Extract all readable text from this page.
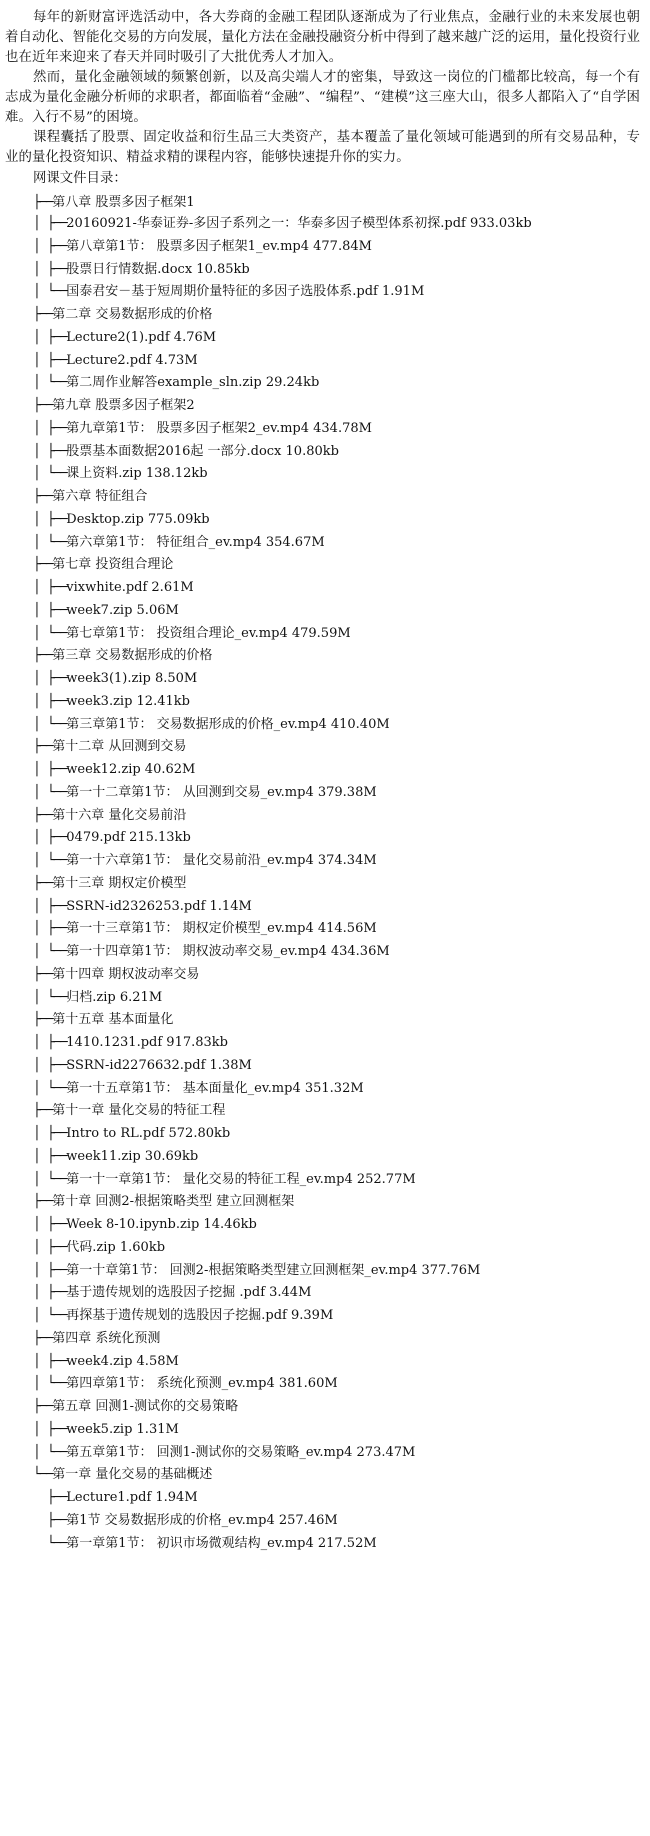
每年的新财富评选活动中，各大券商的金融工程团队逐渐成为了行业焦点，金融行业的未来发展也朝着自动化、智能化交易的方向发展，量化方法在金融投融资分析中得到了越来越广泛的运用，量化投资行业也在近年来迎来了春天并同时吸引了大批优秀人才加入。

然而，量化金融领域的频繁创新，以及高尖端人才的密集，导致这一岗位的门槛都比较高，每一个有志成为量化金融分析师的求职者，都面临着“金融”、“编程”、“建模”这三座大山，很多人都陷入了“自学困难。入行不易”的困境。

课程囊括了股票、固定收益和衍生品三大类资产，基本覆盖了量化领域可能遇到的所有交易品种，专业的量化投资知识、精益求精的课程内容，能够快速提升你的实力。

网课文件目录：

├──第八章 股票多因子框架1
│ ├──20160921-华泰证券-多因子系列之一：华泰多因子模型体系初探.pdf 933.03kb
│ ├──第八章第1节： 股票多因子框架1_ev.mp4 477.84M
│ ├──股票日行情数据.docx 10.85kb
│ └──国泰君安－基于短周期价量特征的多因子选股体系.pdf 1.91M
├──第二章 交易数据形成的价格
│ ├──Lecture2(1).pdf 4.76M
│ ├──Lecture2.pdf 4.73M
│ └──第二周作业解答example_sln.zip 29.24kb
├──第九章 股票多因子框架2
│ ├──第九章第1节： 股票多因子框架2_ev.mp4 434.78M
│ ├──股票基本面数据2016起 一部分.docx 10.80kb
│ └──课上资料.zip 138.12kb
├──第六章 特征组合
│ ├──Desktop.zip 775.09kb
│ └──第六章第1节： 特征组合_ev.mp4 354.67M
├──第七章 投资组合理论
│ ├──vixwhite.pdf 2.61M
│ ├──week7.zip 5.06M
│ └──第七章第1节： 投资组合理论_ev.mp4 479.59M
├──第三章 交易数据形成的价格
│ ├──week3(1).zip 8.50M
│ ├──week3.zip 12.41kb
│ └──第三章第1节： 交易数据形成的价格_ev.mp4 410.40M
├──第十二章 从回测到交易
│ ├──week12.zip 40.62M
│ └──第一十二章第1节： 从回测到交易_ev.mp4 379.38M
├──第十六章 量化交易前沿
│ ├──0479.pdf 215.13kb
│ └──第一十六章第1节： 量化交易前沿_ev.mp4 374.34M
├──第十三章 期权定价模型
│ ├──SSRN-id2326253.pdf 1.14M
│ ├──第一十三章第1节： 期权定价模型_ev.mp4 414.56M
│ └──第一十四章第1节： 期权波动率交易_ev.mp4 434.36M
├──第十四章 期权波动率交易
│ └──归档.zip 6.21M
├──第十五章 基本面量化
│ ├──1410.1231.pdf 917.83kb
│ ├──SSRN-id2276632.pdf 1.38M
│ └──第一十五章第1节： 基本面量化_ev.mp4 351.32M
├──第十一章 量化交易的特征工程
│ ├──Intro to RL.pdf 572.80kb
│ ├──week11.zip 30.69kb
│ └──第一十一章第1节： 量化交易的特征工程_ev.mp4 252.77M
├──第十章 回测2-根据策略类型 建立回测框架
│ ├──Week 8-10.ipynb.zip 14.46kb
│ ├──代码.zip 1.60kb
│ ├──第一十章第1节： 回测2-根据策略类型建立回测框架_ev.mp4 377.76M
│ ├──基于遗传规划的选股因子挖掘 .pdf 3.44M
│ └──再探基于遗传规划的选股因子挖掘.pdf 9.39M
├──第四章 系统化预测
│ ├──week4.zip 4.58M
│ └──第四章第1节： 系统化预测_ev.mp4 381.60M
├──第五章 回测1-测试你的交易策略
│ ├──week5.zip 1.31M
│ └──第五章第1节： 回测1-测试你的交易策略_ev.mp4 273.47M
└──第一章 量化交易的基础概述
├──Lecture1.pdf 1.94M
├──第1节 交易数据形成的价格_ev.mp4 257.46M
└──第一章第1节： 初识市场微观结构_ev.mp4 217.52M
